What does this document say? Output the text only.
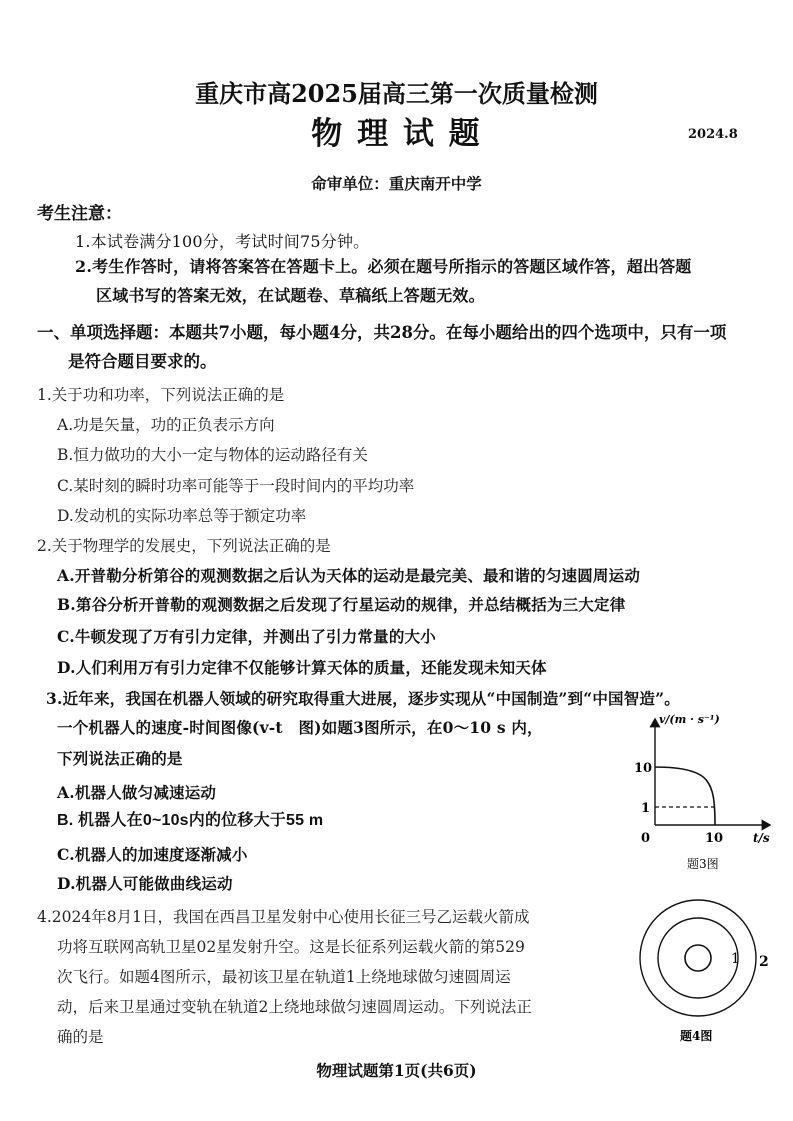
重庆市高2025届高三第一次质量检测
物 理 试 题	2024.8
命审单位：重庆南开中学
考生注意：
1.本试卷满分100分，考试时间75分钟。
2.考生作答时，请将答案答在答题卡上。必须在题号所指示的答题区域作答，超出答题
区域书写的答案无效，在试题卷、草稿纸上答题无效。
一、单项选择题：本题共7小题，每小题4分，共28分。在每小题给出的四个选项中，只有一项
是符合题目要求的。
1.关于功和功率，下列说法正确的是
A.功是矢量，功的正负表示方向
B.恒力做功的大小一定与物体的运动路径有关
C.某时刻的瞬时功率可能等于一段时间内的平均功率
D.发动机的实际功率总等于额定功率
2.关于物理学的发展史，下列说法正确的是
A.开普勒分析第谷的观测数据之后认为天体的运动是最完美、最和谐的匀速圆周运动
B.第谷分析开普勒的观测数据之后发现了行星运动的规律，并总结概括为三大定律
C.牛顿发现了万有引力定律，并测出了引力常量的大小
D.人们利用万有引力定律不仅能够计算天体的质量，还能发现未知天体
3.近年来，我国在机器人领域的研究取得重大进展，逐步实现从“中国制造”到“中国智造”。
一个机器人的速度-时间图像(v-t　图)如题3图所示，在0～10 s 内，
下列说法正确的是
A.机器人做匀减速运动
B. 机器人在0~10s内的位移大于55 m
C.机器人的加速度逐渐减小
D.机器人可能做曲线运动
v/(m · s⁻¹)
10
1
0	10 t/s
题3图
4.2024年8月1日，我国在西昌卫星发射中心使用长征三号乙运载火箭成
功将互联网高轨卫星02星发射升空。这是长征系列运载火箭的第529
次飞行。如题4图所示，最初该卫星在轨道1上绕地球做匀速圆周运
动，后来卫星通过变轨在轨道2上绕地球做匀速圆周运动。下列说法正
确的是
1 2
题4图
物理试题第1页(共6页)
